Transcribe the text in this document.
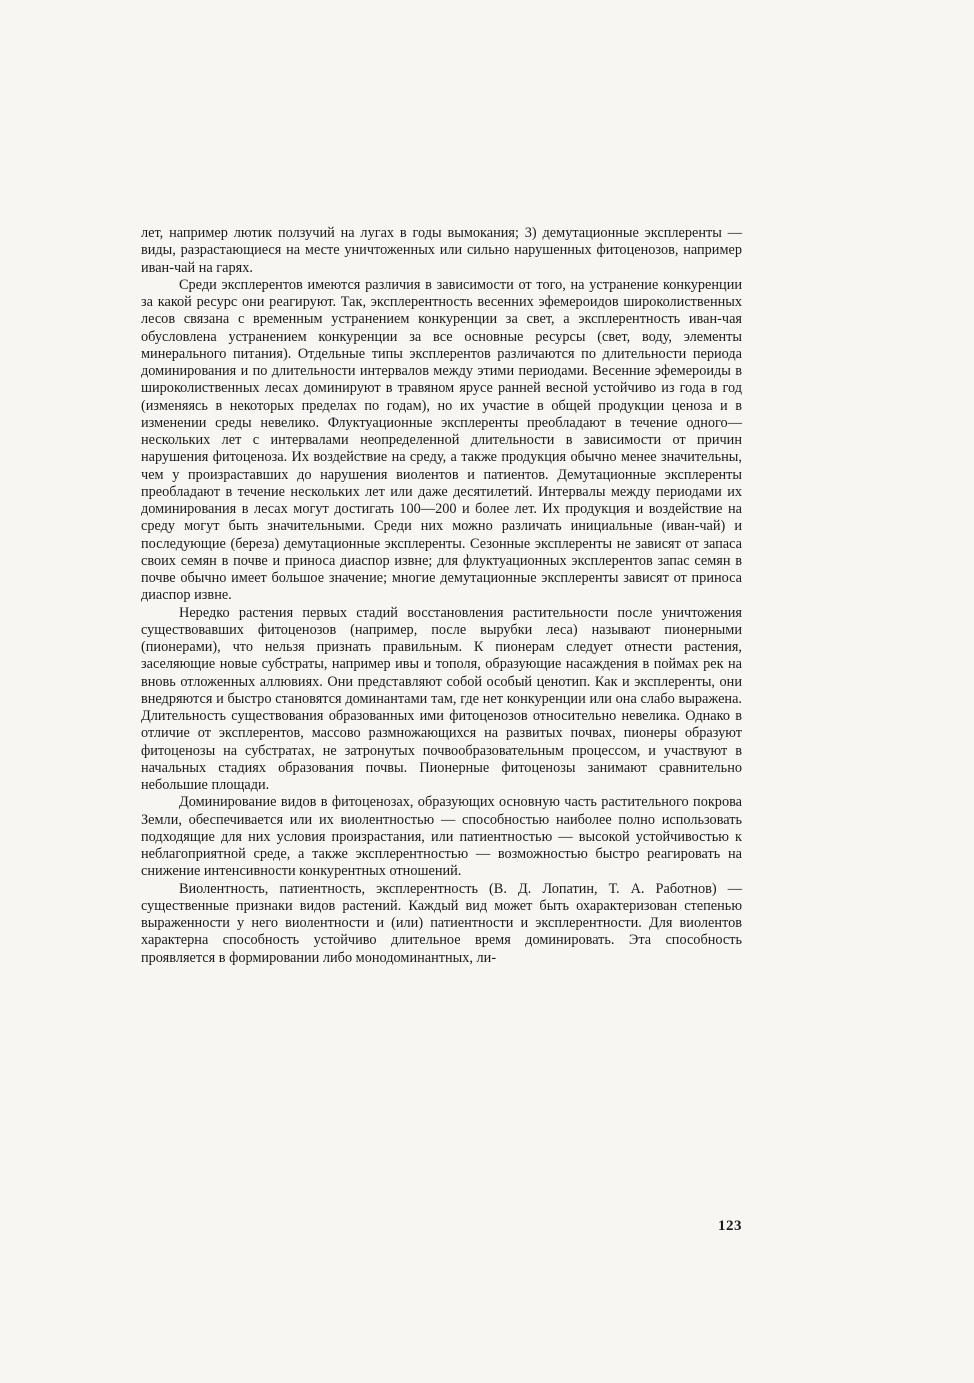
лет, например лютик ползучий на лугах в годы вымокания; 3) демутационные эксплеренты — виды, разрастающиеся на месте уничтоженных или сильно нарушенных фитоценозов, например иван-чай на гарях.

Среди эксплерентов имеются различия в зависимости от того, на устранение конкуренции за какой ресурс они реагируют. Так, эксплерентность весенних эфемероидов широколиственных лесов связана с временным устранением конкуренции за свет, а эксплерентность иван-чая обусловлена устранением конкуренции за все основные ресурсы (свет, воду, элементы минерального питания). Отдельные типы эксплерентов различаются по длительности периода доминирования и по длительности интервалов между этими периодами. Весенние эфемероиды в широколиственных лесах доминируют в травяном ярусе ранней весной устойчиво из года в год (изменяясь в некоторых пределах по годам), но их участие в общей продукции ценоза и в изменении среды невелико. Флуктуационные эксплеренты преобладают в течение одного—нескольких лет с интервалами неопределенной длительности в зависимости от причин нарушения фитоценоза. Их воздействие на среду, а также продукция обычно менее значительны, чем у произраставших до нарушения виолентов и патиентов. Демутационные эксплеренты преобладают в течение нескольких лет или даже десятилетий. Интервалы между периодами их доминирования в лесах могут достигать 100—200 и более лет. Их продукция и воздействие на среду могут быть значительными. Среди них можно различать инициальные (иван-чай) и последующие (береза) демутационные эксплеренты. Сезонные эксплеренты не зависят от запаса своих семян в почве и приноса диаспор извне; для флуктуационных эксплерентов запас семян в почве обычно имеет большое значение; многие демутационные эксплеренты зависят от приноса диаспор извне.

Нередко растения первых стадий восстановления растительности после уничтожения существовавших фитоценозов (например, после вырубки леса) называют пионерными (пионерами), что нельзя признать правильным. К пионерам следует отнести растения, заселяющие новые субстраты, например ивы и тополя, образующие насаждения в поймах рек на вновь отложенных аллювиях. Они представляют собой особый ценотип. Как и эксплеренты, они внедряются и быстро становятся доминантами там, где нет конкуренции или она слабо выражена. Длительность существования образованных ими фитоценозов относительно невелика. Однако в отличие от эксплерентов, массово размножающихся на развитых почвах, пионеры образуют фитоценозы на субстратах, не затронутых почвообразовательным процессом, и участвуют в начальных стадиях образования почвы. Пионерные фитоценозы занимают сравнительно небольшие площади.

Доминирование видов в фитоценозах, образующих основную часть растительного покрова Земли, обеспечивается или их виолентностью — способностью наиболее полно использовать подходящие для них условия произрастания, или патиентностью — высокой устойчивостью к неблагоприятной среде, а также эксплерентностью — возможностью быстро реагировать на снижение интенсивности конкурентных отношений.

Виолентность, патиентность, эксплерентность (В. Д. Лопатин, Т. А. Работнов) — существенные признаки видов растений. Каждый вид может быть охарактеризован степенью выраженности у него виолентности и (или) патиентности и эксплерентности. Для виолентов характерна способность устойчиво длительное время доминировать. Эта способность проявляется в формировании либо монодоминантных, ли-

123
